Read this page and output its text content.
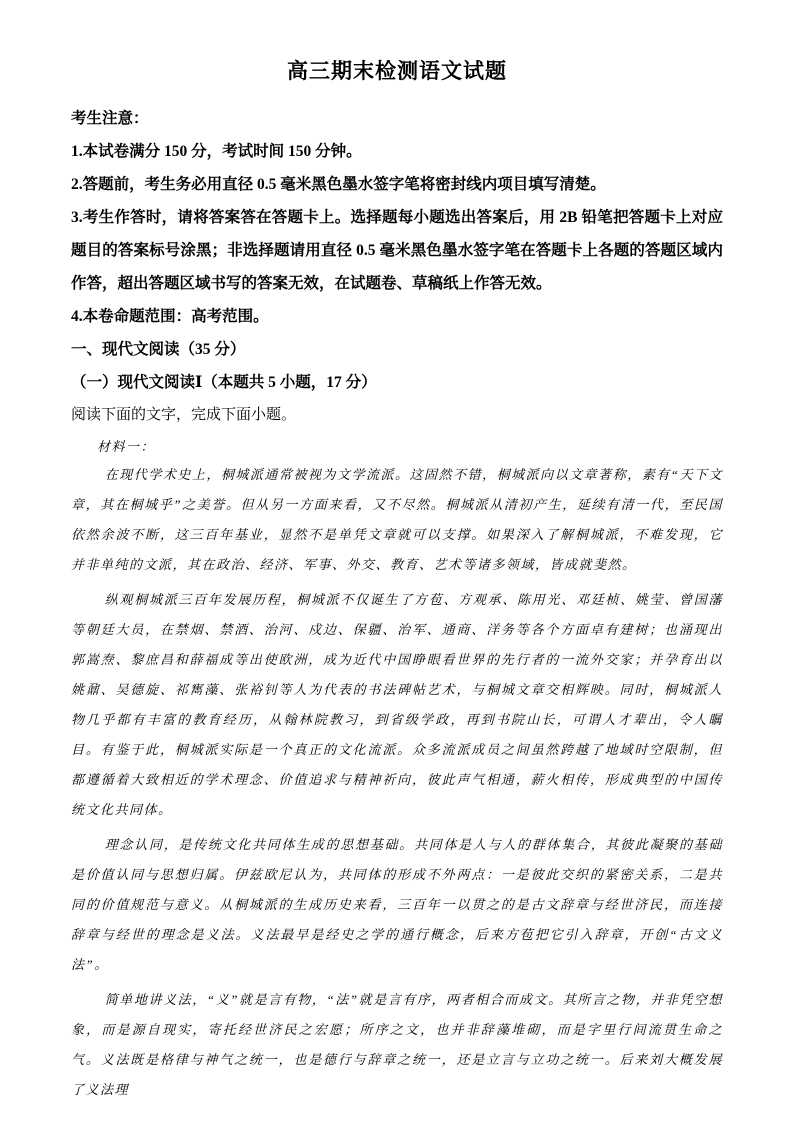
高三期末检测语文试题

考生注意：

1.本试卷满分 150 分，考试时间 150 分钟。

2.答题前，考生务必用直径 0.5 毫米黑色墨水签字笔将密封线内项目填写清楚。

3.考生作答时，请将答案答在答题卡上。选择题每小题选出答案后，用 2B 铅笔把答题卡上对应题目的答案标号涂黑；非选择题请用直径 0.5 毫米黑色墨水签字笔在答题卡上各题的答题区域内作答，超出答题区域书写的答案无效，在试题卷、草稿纸上作答无效。

4.本卷命题范围：高考范围。

一、现代文阅读（35 分）

（一）现代文阅读Ⅰ（本题共 5 小题，17 分）

阅读下面的文字，完成下面小题。

材料一：

在现代学术史上，桐城派通常被视为文学流派。这固然不错，桐城派向以文章著称，素有“天下文章，其在桐城乎”之美誉。但从另一方面来看，又不尽然。桐城派从清初产生，延续有清一代，至民国依然余波不断，这三百年基业，显然不是单凭文章就可以支撑。如果深入了解桐城派，不难发现，它并非单纯的文派，其在政治、经济、军事、外交、教育、艺术等诸多领域，皆成就斐然。

纵观桐城派三百年发展历程，桐城派不仅诞生了方苞、方观承、陈用光、邓廷桢、姚莹、曾国藩等朝廷大员，在禁烟、禁酒、治河、戍边、保疆、治军、通商、洋务等各个方面卓有建树；也涌现出郭嵩焘、黎庶昌和薛福成等出使欧洲，成为近代中国睁眼看世界的先行者的一流外交家；并孕育出以姚鼐、吴德旋、祁寯藻、张裕钊等人为代表的书法碑帖艺术，与桐城文章交相辉映。同时，桐城派人物几乎都有丰富的教育经历，从翰林院教习，到省级学政，再到书院山长，可谓人才辈出，令人瞩目。有鉴于此，桐城派实际是一个真正的文化流派。众多流派成员之间虽然跨越了地域时空限制，但都遵循着大致相近的学术理念、价值追求与精神祈向，彼此声气相通，薪火相传，形成典型的中国传统文化共同体。

理念认同，是传统文化共同体生成的思想基础。共同体是人与人的群体集合，其彼此凝聚的基础是价值认同与思想归属。伊兹欧尼认为，共同体的形成不外两点：一是彼此交织的紧密关系，二是共同的价值规范与意义。从桐城派的生成历史来看，三百年一以贯之的是古文辞章与经世济民，而连接辞章与经世的理念是义法。义法最早是经史之学的通行概念，后来方苞把它引入辞章，开创“古文义法”。

简单地讲义法，“义”就是言有物，“法”就是言有序，两者相合而成文。其所言之物，并非凭空想象，而是源自现实，寄托经世济民之宏愿；所序之文，也并非辞藻堆砌，而是字里行间流贯生命之气。义法既是格律与神气之统一，也是德行与辞章之统一，还是立言与立功之统一。后来刘大概发展了义法理
